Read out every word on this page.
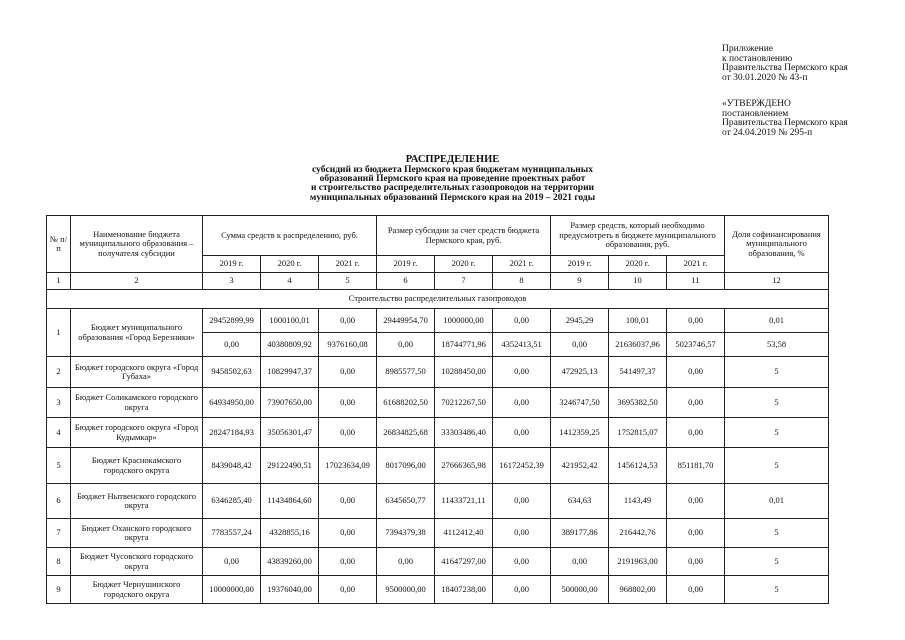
Приложение
к постановлению
Правительства Пермского края
от 30.01.2020 № 43-п
«УТВЕРЖДЕНО
постановлением
Правительства Пермского края
от 24.04.2019 № 295-п
РАСПРЕДЕЛЕНИЕ
субсидий из бюджета Пермского края бюджетам муниципальных
образований Пермского края на проведение проектных работ
и строительство распределительных газопроводов на территории
муниципальных образований Пермского края на 2019 – 2021 годы
№ п/п	Наименование бюджета муниципального образования – получателя субсидии	Сумма средств к распределению, руб.			Размер субсидии за счет средств бюджета Пермского края, руб.			Размер средств, который необходимо предусмотреть в бюджете муниципального образования, руб.			Доля софинансирования муниципального образования, %
		2019 г.	2020 г.	2021 г.	2019 г.	2020 г.	2021 г.	2019 г.	2020 г.	2021 г.	
1	2	3	4	5	6	7	8	9	10	11	12
Строительство распределительных газопроводов											
1	Бюджет муниципального образования «Город Березники»	29452899,99	1000100,01	0,00	29449954,70	1000000,00	0,00	2945,29	100,01	0,00	0,01
		0,00	40380809,92	9376160,08	0,00	18744771,96	4352413,51	0,00	21636037,96	5023746,57	53,58
2	Бюджет городского округа «Город Губаха»	9458502,63	10829947,37	0,00	8985577,50	10288450,00	0,00	472925,13	541497,37	0,00	5
3	Бюджет Соликамского городского округа	64934950,00	73907650,00	0,00	61688202,50	70212267,50	0,00	3246747,50	3695382,50	0,00	5
4	Бюджет городского округа «Город Кудымкар»	28247184,93	35056301,47	0,00	26834825,68	33303486,40	0,00	1412359,25	1752815,07	0,00	5
5	Бюджет Краснокамского городского округа	8439048,42	29122490,51	17023634,09	8017096,00	27666365,98	16172452,39	421952,42	1456124,53	851181,70	5
6	Бюджет Нытвенского городского округа	6346285,40	11434864,60	0,00	6345650,77	11433721,11	0,00	634,63	1143,49	0,00	0,01
7	Бюджет Оханского городского округа	7783557,24	4328855,16	0,00	7394379,38	4112412,40	0,00	389177,86	216442,76	0,00	5
8	Бюджет Чусовского городского округа	0,00	43839260,00	0,00	0,00	41647297,00	0,00	0,00	2191963,00	0,00	5
9	Бюджет Чернушинского городского округа	10000000,00	19376040,00	0,00	9500000,00	18407238,00	0,00	500000,00	968802,00	0,00	5
